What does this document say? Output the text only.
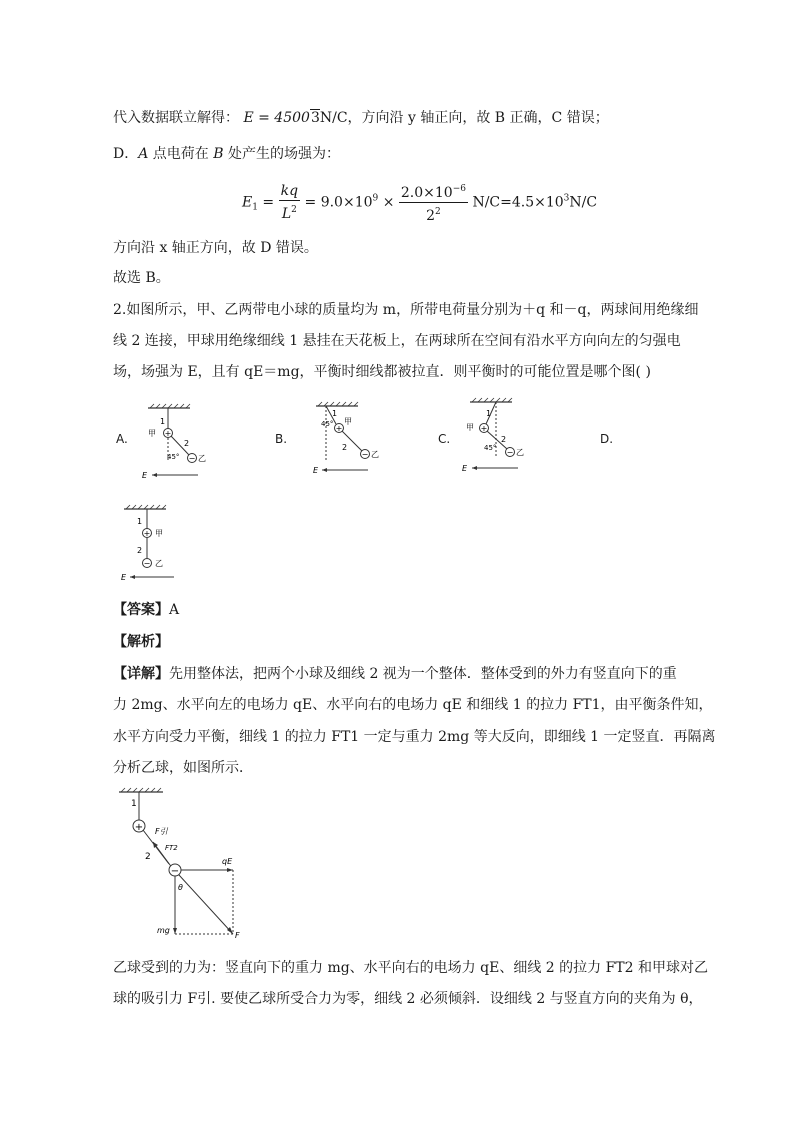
代入数据联立解得： E = 45003N/C，方向沿 y 轴正向，故 B 正确，C 错误；
D．A 点电荷在 B 处产生的场强为：
$E_1 = \frac{kq}{L^2} = 9.0\times 10^9 \times \frac{2.0\times 10^{-6}}{2^2} N/C=4.5\times 10^3N/C$
方向沿 x 轴正方向，故 D 错误。
故选 B。
2.如图所示，甲、乙两带电小球的质量均为 m，所带电荷量分别为＋q 和－q，两球间用绝缘细
线 2 连接，甲球用绝缘细线 1 悬挂在天花板上，在两球所在空间有沿水平方向向左的匀强电
场，场强为 E，且有 qE＝mg，平衡时细线都被拉直．则平衡时的可能位置是哪个图( )
A.	B.	C.	D.
+
−
1
甲
2
45° 乙
E
+
−
1
甲
45°
2
乙
E
+
−
1
甲
2
45° 乙
E
+
−
1
甲
2
乙
E
【答案】A
【解析】
【详解】先用整体法，把两个小球及细线 2 视为一个整体．整体受到的外力有竖直向下的重
力 2mg、水平向左的电场力 qE、水平向右的电场力 qE 和细线 1 的拉力 FT1，由平衡条件知，
水平方向受力平衡，细线 1 的拉力 FT1 一定与重力 2mg 等大反向，即细线 1 一定竖直．再隔离
分析乙球，如图所示．
+
−
1
F引
2
FT2
qE
θ
mg
F
乙球受到的力为：竖直向下的重力 mg、水平向右的电场力 qE、细线 2 的拉力 FT2 和甲球对乙
球的吸引力 F引. 要使乙球所受合力为零，细线 2 必须倾斜．设细线 2 与竖直方向的夹角为 θ，
